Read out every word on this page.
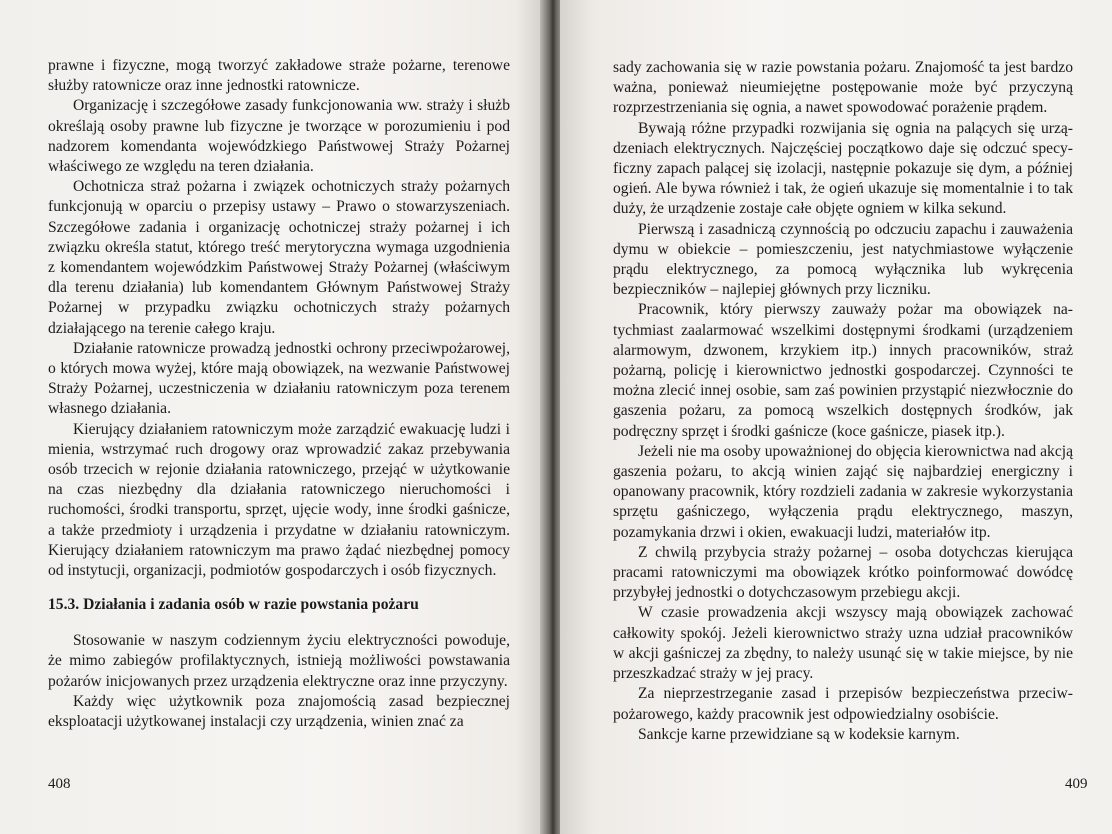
prawne i fizyczne, mogą tworzyć zakładowe straże pożarne, terenowe służby ratownicze oraz inne jednostki ratownicze.

Organizację i szczegółowe zasady funkcjonowania ww. straży i służb określają osoby prawne lub fizyczne je tworzące w porozumieniu i pod nadzorem komendanta wojewódzkiego Państwowej Straży Pożarnej właściwego ze względu na teren działania.

Ochotnicza straż pożarna i związek ochotniczych straży pożarnych funkcjonują w oparciu o przepisy ustawy – Prawo o stowarzyszeniach. Szczegółowe zadania i organizację ochotniczej straży pożarnej i ich związku określa statut, którego treść merytoryczna wymaga uzgodnienia z komendantem wojewódzkim Państwowej Straży Pożarnej (właściwym dla terenu działania) lub komendantem Głównym Państwowej Straży Pożarnej w przypadku związku ochotniczych straży pożarnych działającego na terenie całego kraju.

Działanie ratownicze prowadzą jednostki ochrony przeciwpożarowej, o których mowa wyżej, które mają obowiązek, na wezwanie Państwowej Straży Pożarnej, uczestniczenia w działaniu ratowniczym poza terenem własnego działania.

Kierujący działaniem ratowniczym może zarządzić ewakuację ludzi i mienia, wstrzymać ruch drogowy oraz wprowadzić zakaz przebywania osób trzecich w rejonie działania ratowniczego, przejąć w użytkowanie na czas niezbędny dla działania ratowniczego nieruchomości i ruchomości, środki transportu, sprzęt, ujęcie wody, inne środki gaśnicze, a także przedmioty i urządzenia i przydatne w działaniu ratowniczym. Kierujący działaniem ratowniczym ma prawo żądać niezbędnej pomocy od instytucji, organizacji, podmiotów gospodarczych i osób fizycznych.

15.3. Działania i zadania osób w razie powstania pożaru

Stosowanie w naszym codziennym życiu elektryczności powoduje, że mimo zabiegów profilaktycznych, istnieją możliwości powstawania pożarów inicjowanych przez urządzenia elektryczne oraz inne przyczyny.

Każdy więc użytkownik poza znajomością zasad bezpiecznej eksploatacji użytkowanej instalacji czy urządzenia, winien znać za

408

sady zachowania się w razie powstania pożaru. Znajomość ta jest bardzo ważna, ponieważ nieumiejętne postępowanie może być przyczyną rozprzestrzeniania się ognia, a nawet spowodować porażenie prądem.

Bywają różne przypadki rozwijania się ognia na palących się urządzeniach elektrycznych. Najczęściej początkowo daje się odczuć specyficzny zapach palącej się izolacji, następnie pokazuje się dym, a później ogień. Ale bywa również i tak, że ogień ukazuje się momentalnie i to tak duży, że urządzenie zostaje całe objęte ogniem w kilka sekund.

Pierwszą i zasadniczą czynnością po odczuciu zapachu i zauważenia dymu w obiekcie – pomieszczeniu, jest natychmiastowe wyłączenie prądu elektrycznego, za pomocą wyłącznika lub wykręcenia bezpieczników – najlepiej głównych przy liczniku.

Pracownik, który pierwszy zauważy pożar ma obowiązek natychmiast zaalarmować wszelkimi dostępnymi środkami (urządzeniem alarmowym, dzwonem, krzykiem itp.) innych pracowników, straż pożarną, policję i kierownictwo jednostki gospodarczej. Czynności te można zlecić innej osobie, sam zaś powinien przystąpić niezwłocznie do gaszenia pożaru, za pomocą wszelkich dostępnych środków, jak podręczny sprzęt i środki gaśnicze (koce gaśnicze, piasek itp.).

Jeżeli nie ma osoby upoważnionej do objęcia kierownictwa nad akcją gaszenia pożaru, to akcją winien zająć się najbardziej energiczny i opanowany pracownik, który rozdzieli zadania w zakresie wykorzystania sprzętu gaśniczego, wyłączenia prądu elektrycznego, maszyn, pozamykania drzwi i okien, ewakuacji ludzi, materiałów itp.

Z chwilą przybycia straży pożarnej – osoba dotychczas kierująca pracami ratowniczymi ma obowiązek krótko poinformować dowódcę przybyłej jednostki o dotychczasowym przebiegu akcji.

W czasie prowadzenia akcji wszyscy mają obowiązek zachować całkowity spokój. Jeżeli kierownictwo straży uzna udział pracowników w akcji gaśniczej za zbędny, to należy usunąć się w takie miejsce, by nie przeszkadzać straży w jej pracy.

Za nieprzestrzeganie zasad i przepisów bezpieczeństwa przeciwpożarowego, każdy pracownik jest odpowiedzialny osobiście.

Sankcje karne przewidziane są w kodeksie karnym.

409
